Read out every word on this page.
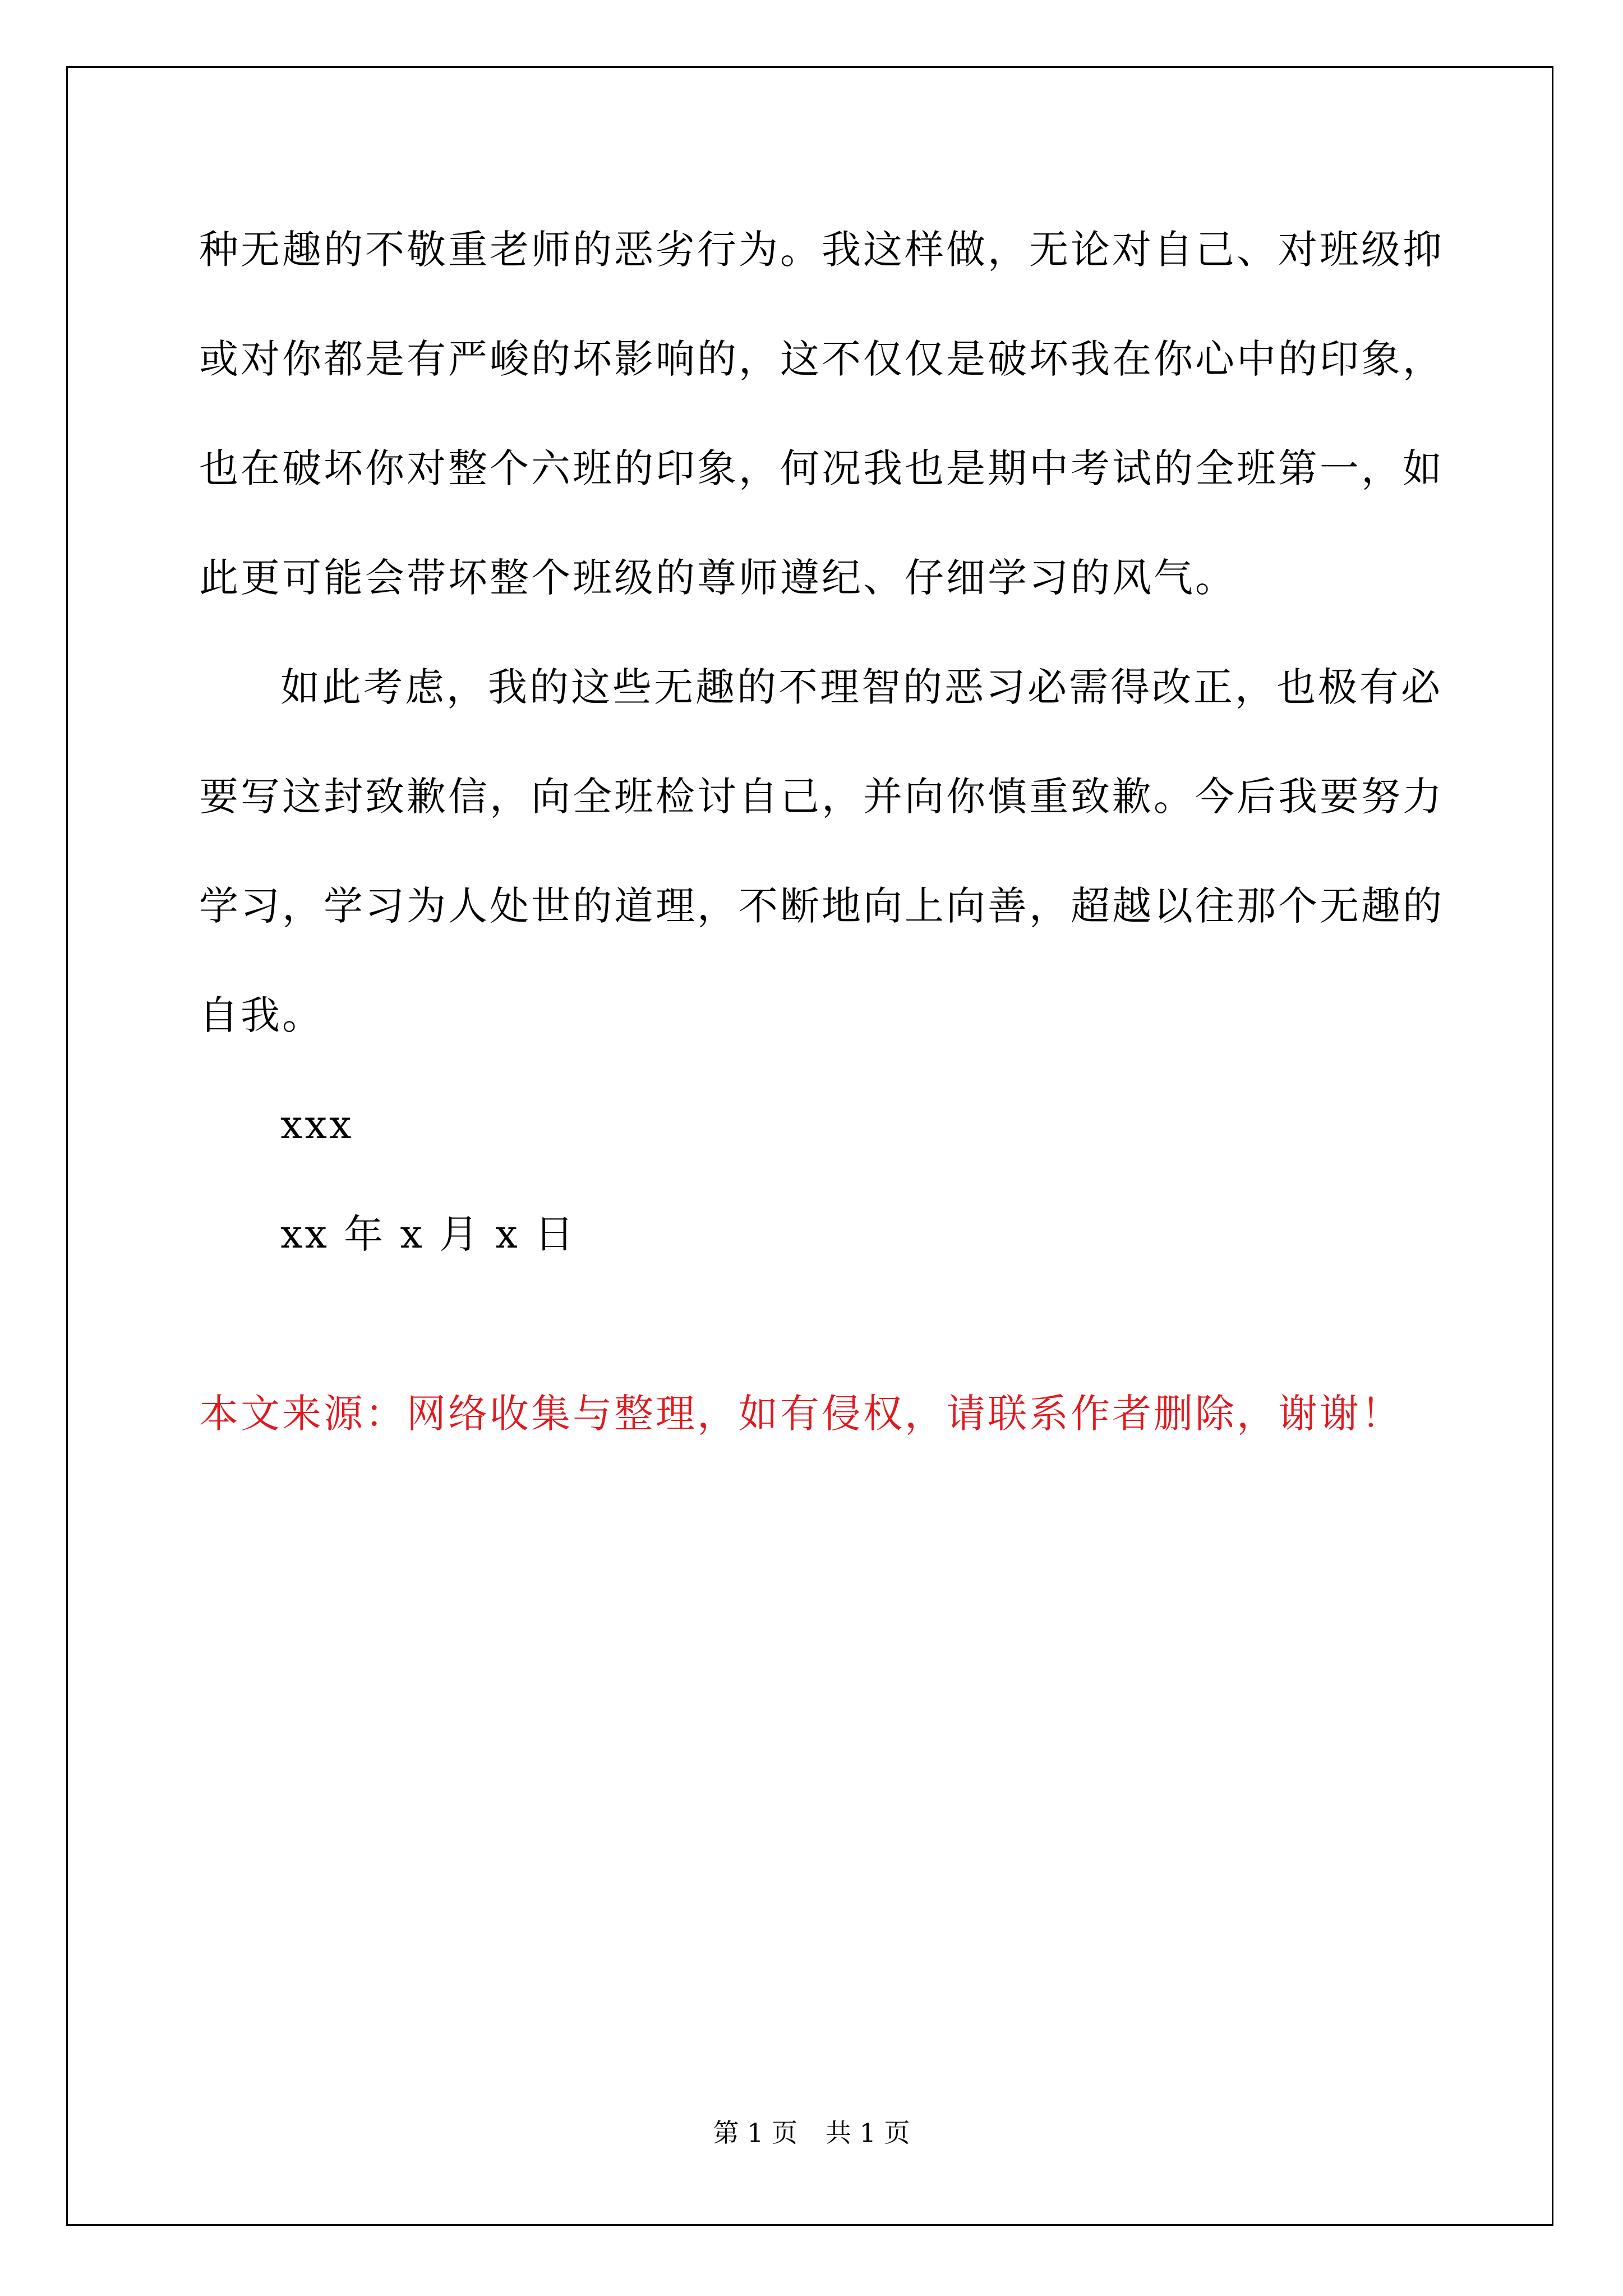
种无趣的不敬重老师的恶劣行为。我这样做，无论对自己、对班级抑
或对你都是有严峻的坏影响的，这不仅仅是破坏我在你心中的印象，
也在破坏你对整个六班的印象，何况我也是期中考试的全班第一，如
此更可能会带坏整个班级的尊师遵纪、仔细学习的风气。
如此考虑，我的这些无趣的不理智的恶习必需得改正，也极有必
要写这封致歉信，向全班检讨自己，并向你慎重致歉。今后我要努力
学习，学习为人处世的道理，不断地向上向善，超越以往那个无趣的
自我。
xxx
xx 年 x 月 x 日
本文来源：网络收集与整理，如有侵权，请联系作者删除，谢谢！
第 1 页 共 1 页
